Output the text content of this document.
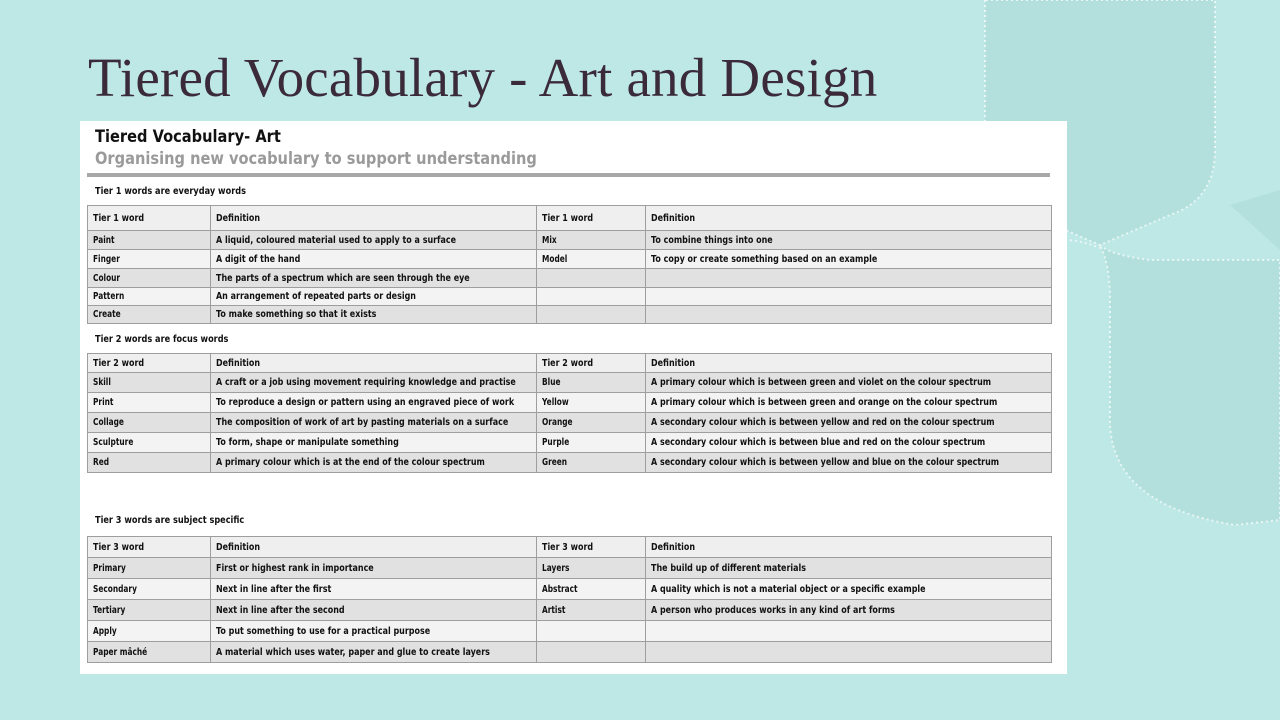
Tiered Vocabulary - Art and Design
Tiered Vocabulary- Art
Organising new vocabulary to support understanding
Tier 1 words are everyday words
Tier 1 word	Definition	Tier 1 word	Definition
Paint	A liquid, coloured material used to apply to a surface	Mix	To combine things into one
Finger	A digit of the hand	Model	To copy or create something based on an example
Colour	The parts of a spectrum which are seen through the eye		
Pattern	An arrangement of repeated parts or design		
Create	To make something so that it exists		
Tier 2 words are focus words
Tier 2 word	Definition	Tier 2 word	Definition
Skill	A craft or a job using movement requiring knowledge and practise	Blue	A primary colour which is between green and violet on the colour spectrum
Print	To reproduce a design or pattern using an engraved piece of work	Yellow	A primary colour which is between green and orange on the colour spectrum
Collage	The composition of work of art by pasting materials on a surface	Orange	A secondary colour which is between yellow and red on the colour spectrum
Sculpture	To form, shape or manipulate something	Purple	A secondary colour which is between blue and red on the colour spectrum
Red	A primary colour which is at the end of the colour spectrum	Green	A secondary colour which is between yellow and blue on the colour spectrum
Tier 3 words are subject specific
Tier 3 word	Definition	Tier 3 word	Definition
Primary	First or highest rank in importance	Layers	The build up of different materials
Secondary	Next in line after the first	Abstract	A quality which is not a material object or a specific example
Tertiary	Next in line after the second	Artist	A person who produces works in any kind of art forms
Apply	To put something to use for a practical purpose		
Paper mâché	A material which uses water, paper and glue to create layers		
